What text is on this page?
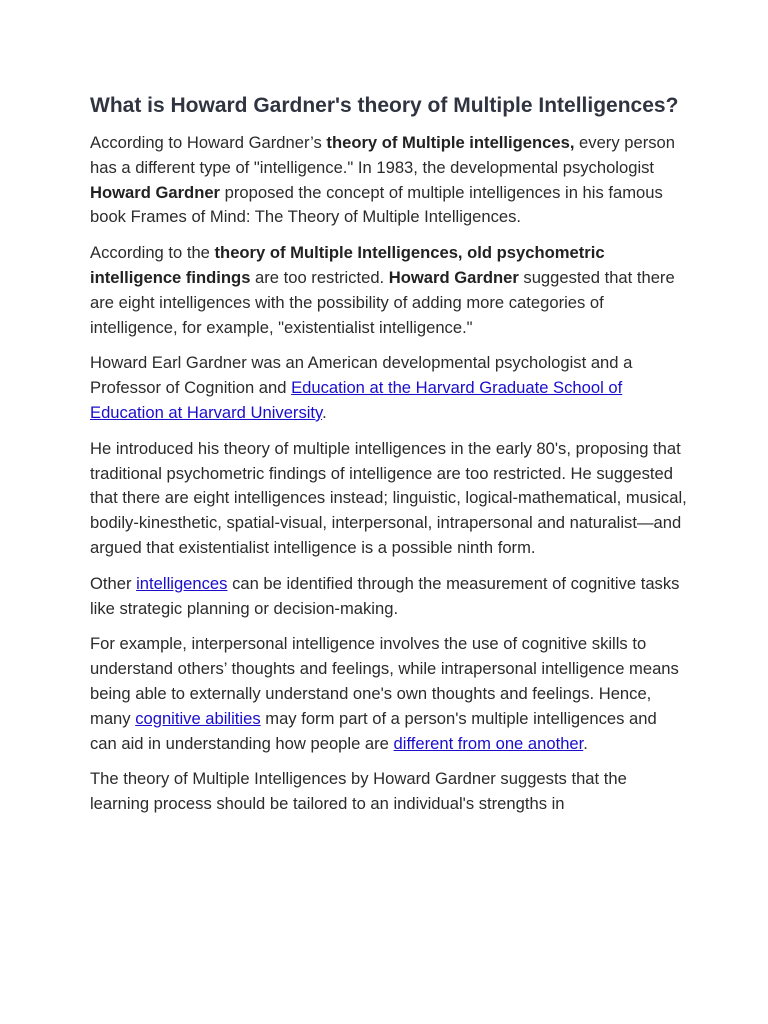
What is Howard Gardner's theory of Multiple Intelligences?

According to Howard Gardner’s theory of Multiple intelligences, every person has a different type of "intelligence." In 1983, the developmental psychologist Howard Gardner proposed the concept of multiple intelligences in his famous book Frames of Mind: The Theory of Multiple Intelligences.

According to the theory of Multiple Intelligences, old psychometric intelligence findings are too restricted. Howard Gardner suggested that there are eight intelligences with the possibility of adding more categories of intelligence, for example, "existentialist intelligence."

Howard Earl Gardner was an American developmental psychologist and a Professor of Cognition and Education at the Harvard Graduate School of Education at Harvard University.

He introduced his theory of multiple intelligences in the early 80's, proposing that traditional psychometric findings of intelligence are too restricted. He suggested that there are eight intelligences instead; linguistic, logical-mathematical, musical, bodily-kinesthetic, spatial-visual, interpersonal, intrapersonal and naturalist—and argued that existentialist intelligence is a possible ninth form.

Other intelligences can be identified through the measurement of cognitive tasks like strategic planning or decision-making.

For example, interpersonal intelligence involves the use of cognitive skills to understand others’ thoughts and feelings, while intrapersonal intelligence means being able to externally understand one's own thoughts and feelings. Hence, many cognitive abilities may form part of a person's multiple intelligences and can aid in understanding how people are different from one another.

The theory of Multiple Intelligences by Howard Gardner suggests that the learning process should be tailored to an individual's strengths in
